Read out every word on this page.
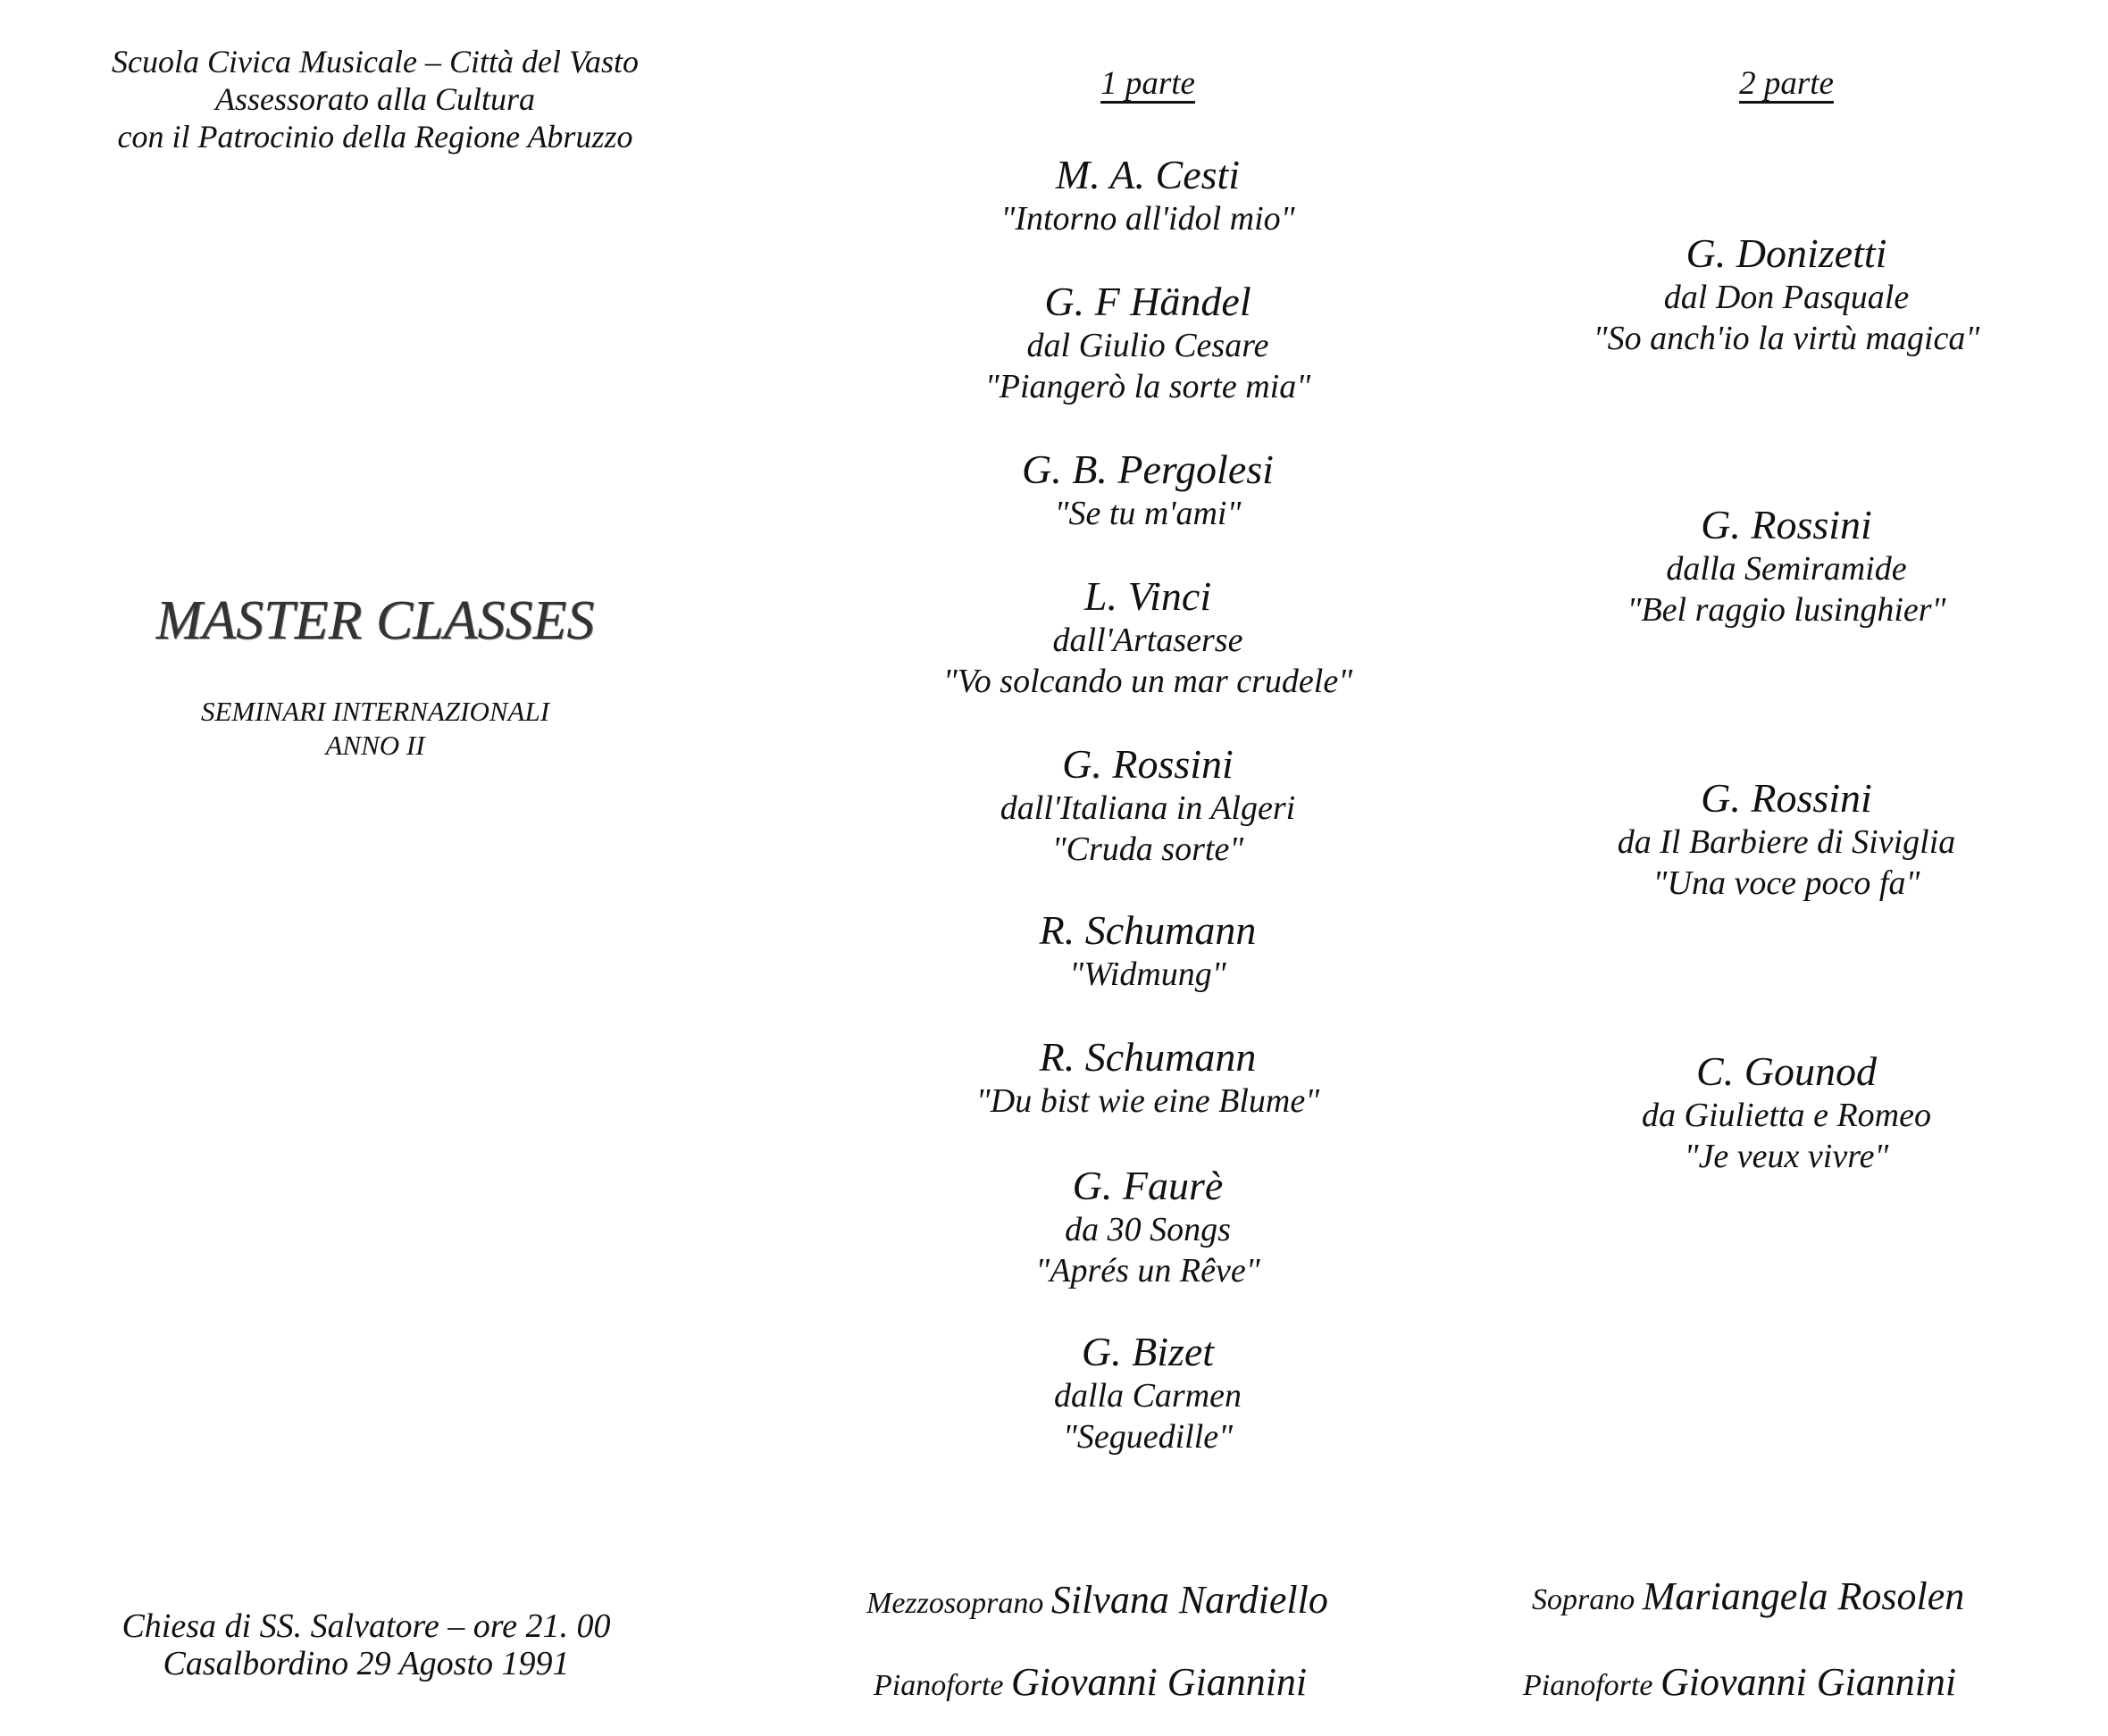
Scuola Civica Musicale – Città del Vasto
Assessorato alla Cultura
con il Patrocinio della Regione Abruzzo
MASTER CLASSES
SEMINARI INTERNAZIONALI
ANNO II
Chiesa di SS. Salvatore – ore 21. 00
Casalbordino 29 Agosto 1991
1 parte
M. A. Cesti
"Intorno all'idol mio"
G. F Händel
dal Giulio Cesare
"Piangerò la sorte mia"
G. B. Pergolesi
"Se tu m'ami"
L. Vinci
dall'Artaserse
"Vo solcando un mar crudele"
G. Rossini
dall'Italiana in Algeri
"Cruda sorte"
R. Schumann
"Widmung"
R. Schumann
"Du bist wie eine Blume"
G. Faurè
da 30 Songs
"Aprés un Rêve"
G. Bizet
dalla Carmen
"Seguedille"
Mezzosoprano Silvana Nardiello
Pianoforte Giovanni Giannini
2 parte
G. Donizetti
dal Don Pasquale
"So anch'io la virtù magica"
G. Rossini
dalla Semiramide
"Bel raggio lusinghier"
G. Rossini
da Il Barbiere di Siviglia
"Una voce poco fa"
C. Gounod
da Giulietta e Romeo
"Je veux vivre"
Soprano Mariangela Rosolen
Pianoforte Giovanni Giannini
